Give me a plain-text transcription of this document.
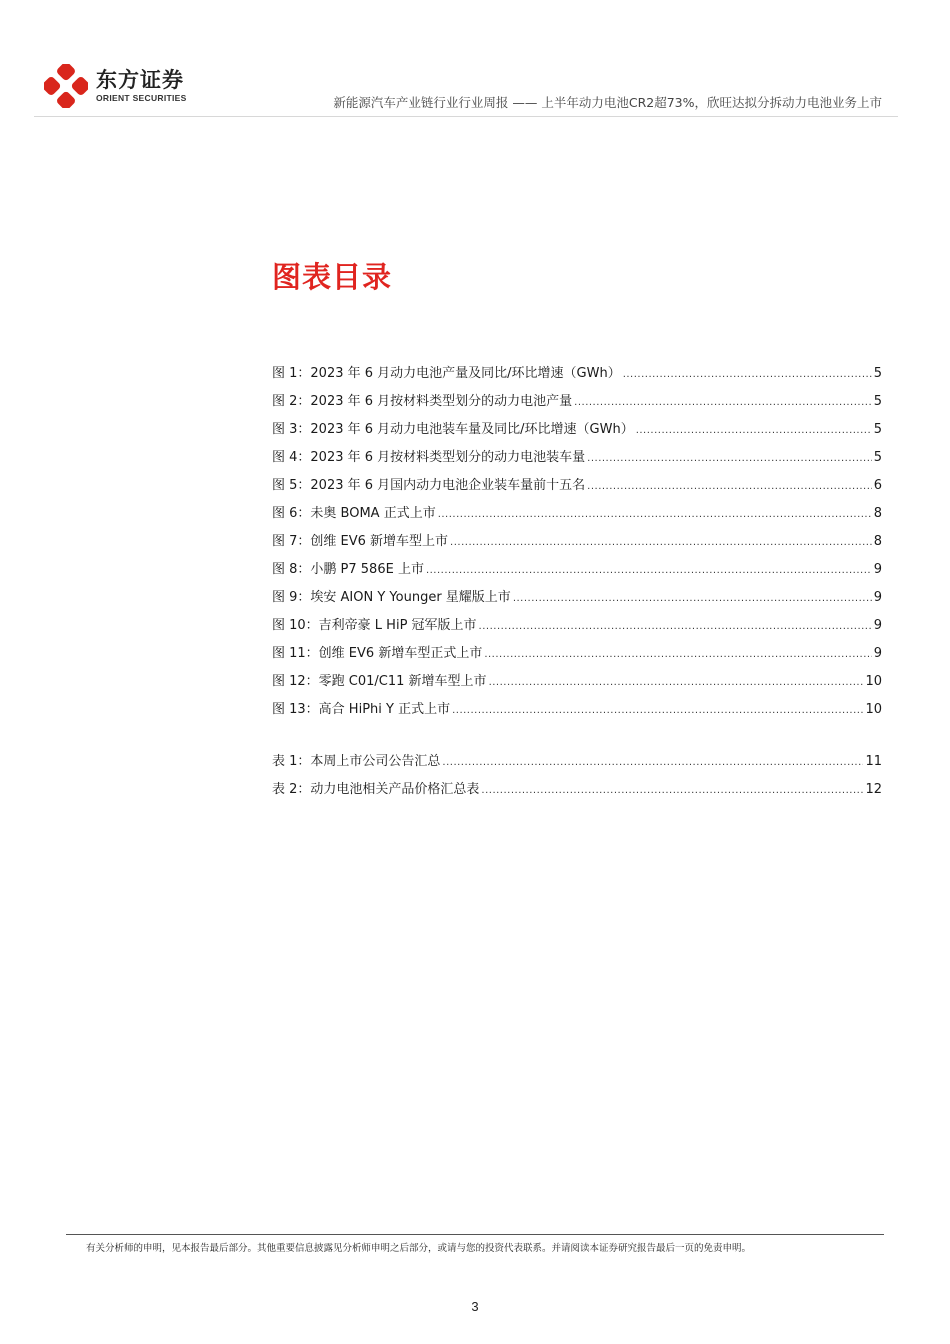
东方证券
ORIENT SECURITIES	新能源汽车产业链行业行业周报 —— 上半年动力电池CR2超73%，欣旺达拟分拆动力电池业务上市
图表目录
图 1：2023 年 6 月动力电池产量及同比/环比增速（GWh） .....	5
图 2：2023 年 6 月按材料类型划分的动力电池产量 .....	5
图 3：2023 年 6 月动力电池装车量及同比/环比增速（GWh） .....	5
图 4：2023 年 6 月按材料类型划分的动力电池装车量 .....	5
图 5：2023 年 6 月国内动力电池企业装车量前十五名 .....	6
图 6：未奥 BOMA 正式上市 .....	8
图 7：创维 EV6 新增车型上市 .....	8
图 8：小鹏 P7 586E 上市 .....	9
图 9：埃安 AION Y Younger 星耀版上市 .....	9
图 10：吉利帝豪 L HiP 冠军版上市 .....	9
图 11：创维 EV6 新增车型正式上市 .....	9
图 12：零跑 C01/C11 新增车型上市 .....	10
图 13：高合 HiPhi Y 正式上市 .....	10
表 1：本周上市公司公告汇总 .....	11
表 2：动力电池相关产品价格汇总表 .....	12
有关分析师的申明，见本报告最后部分。其他重要信息披露见分析师申明之后部分，或请与您的投资代表联系。并请阅读本证券研究报告最后一页的免责申明。
3
